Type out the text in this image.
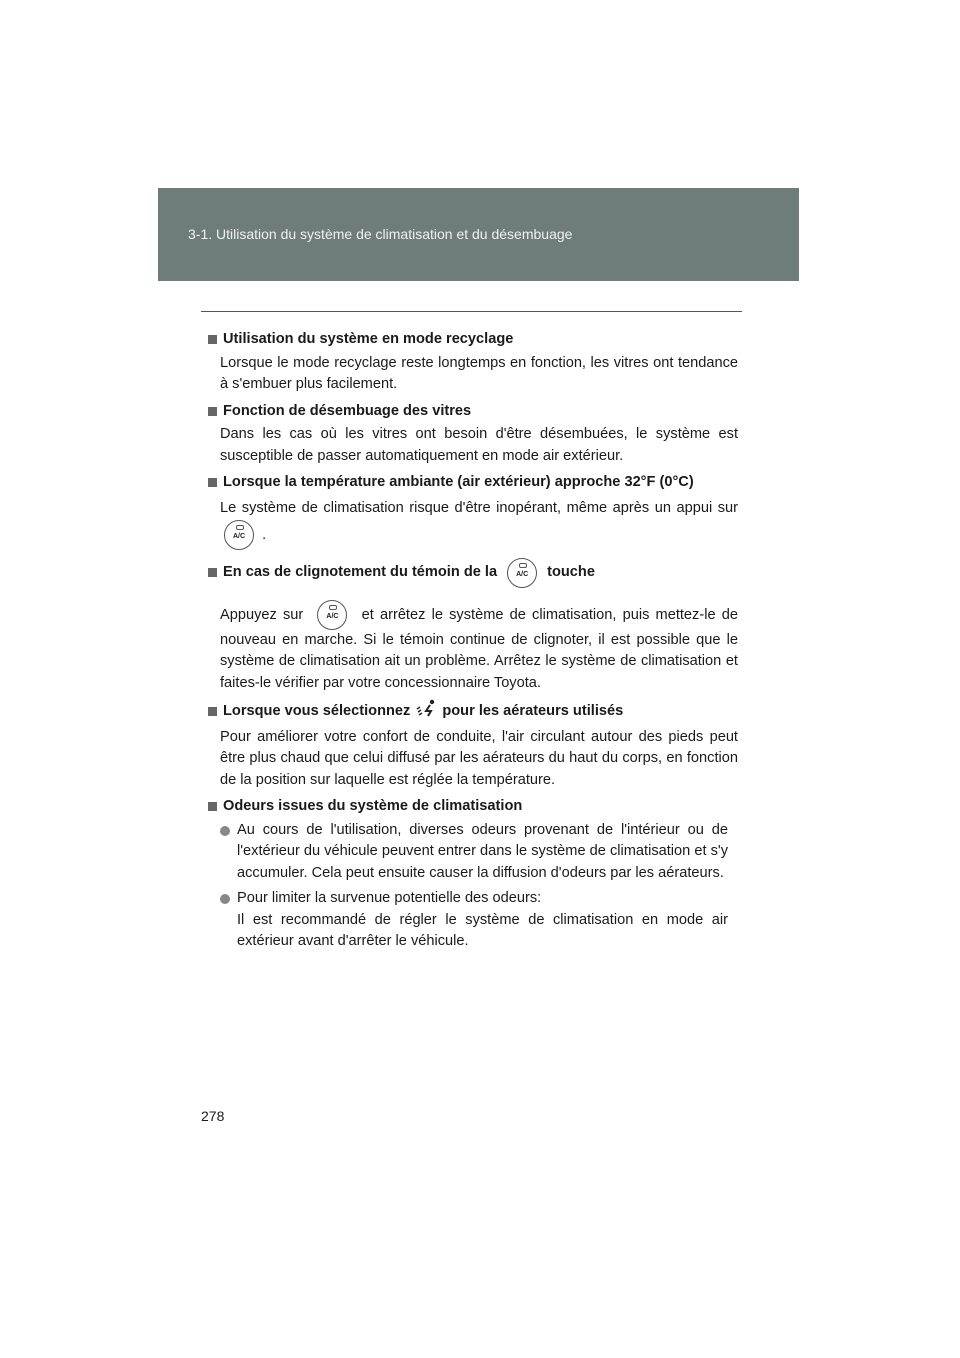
3-1. Utilisation du système de climatisation et du désembuage
Utilisation du système en mode recyclage

Lorsque le mode recyclage reste longtemps en fonction, les vitres ont tendance à s'embuer plus facilement.

Fonction de désembuage des vitres

Dans les cas où les vitres ont besoin d'être désembuées, le système est susceptible de passer automatiquement en mode air extérieur.

Lorsque la température ambiante (air extérieur) approche 32°F (0°C)

Le système de climatisation risque d'être inopérant, même après un appui sur
A/C .

En cas de clignotement du témoin de la	A/C touche

Appuyez sur	A/C et arrêtez le système de climatisation, puis mettez-le de nouveau en marche. Si le témoin continue de clignoter, il est possible que le système de climatisation ait un problème. Arrêtez le système de climatisation et faites-le vérifier par votre concessionnaire Toyota.

Lorsque vous sélectionnez pour les aérateurs utilisés

Pour améliorer votre confort de conduite, l'air circulant autour des pieds peut être plus chaud que celui diffusé par les aérateurs du haut du corps, en fonction de la position sur laquelle est réglée la température.

Odeurs issues du système de climatisation
Au cours de l'utilisation, diverses odeurs provenant de l'intérieur ou de l'extérieur du véhicule peuvent entrer dans le système de climatisation et s'y accumuler. Cela peut ensuite causer la diffusion d'odeurs par les aérateurs.
Pour limiter la survenue potentielle des odeurs:
Il est recommandé de régler le système de climatisation en mode air extérieur avant d'arrêter le véhicule.
278
